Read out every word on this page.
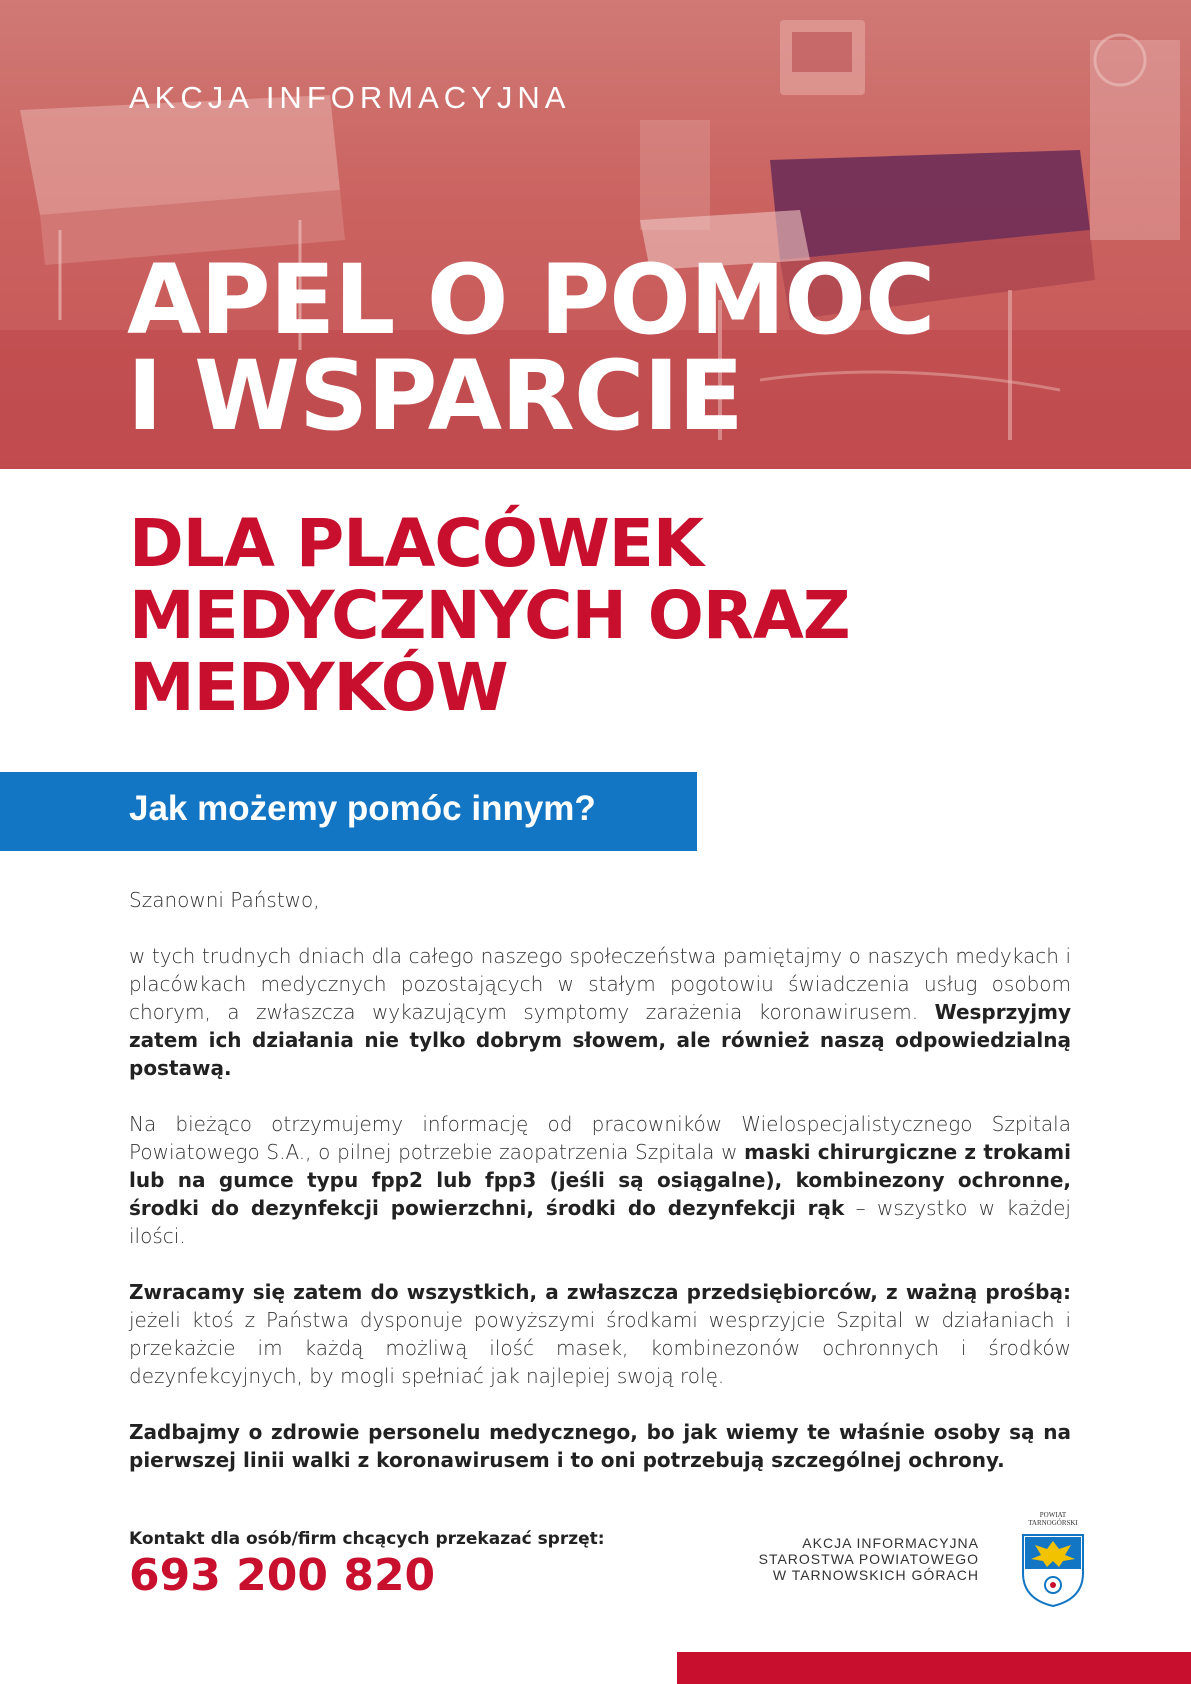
AKCJA INFORMACYJNA
APEL O POMOC
I WSPARCIE
DLA PLACÓWEK
MEDYCZNYCH ORAZ
MEDYKÓW
Jak możemy pomóc innym?

Szanowni Państwo,

w tych trudnych dniach dla całego naszego społeczeństwa pamiętajmy o naszych medykach i placówkach medycznych pozostających w stałym pogotowiu świadczenia usług osobom chorym, a zwłaszcza wykazującym symptomy zarażenia koronawirusem. Wesprzyjmy zatem ich działania nie tylko dobrym słowem, ale również naszą odpowiedzialną postawą.

Na bieżąco otrzymujemy informację od pracowników Wielospecjalistycznego Szpitala Powiatowego S.A., o pilnej potrzebie zaopatrzenia Szpitala w maski chirurgiczne z trokami lub na gumce typu fpp2 lub fpp3 (jeśli są osiągalne), kombinezony ochronne, środki do dezynfekcji powierzchni, środki do dezynfekcji rąk – wszystko w każdej ilości.

Zwracamy się zatem do wszystkich, a zwłaszcza przedsiębiorców, z ważną prośbą: jeżeli ktoś z Państwa dysponuje powyższymi środkami wesprzyjcie Szpital w działaniach i przekażcie im każdą możliwą ilość masek, kombinezonów ochronnych i środków dezynfekcyjnych, by mogli spełniać jak najlepiej swoją rolę.

Zadbajmy o zdrowie personelu medycznego, bo jak wiemy te właśnie osoby są na pierwszej linii walki z koronawirusem i to oni potrzebują szczególnej ochrony.

Kontakt dla osób/firm chcących przekazać sprzęt:
693 200 820
AKCJA INFORMACYJNA
STAROSTWA POWIATOWEGO
W TARNOWSKICH GÓRACH
POWIAT
TARNOGÓRSKI
